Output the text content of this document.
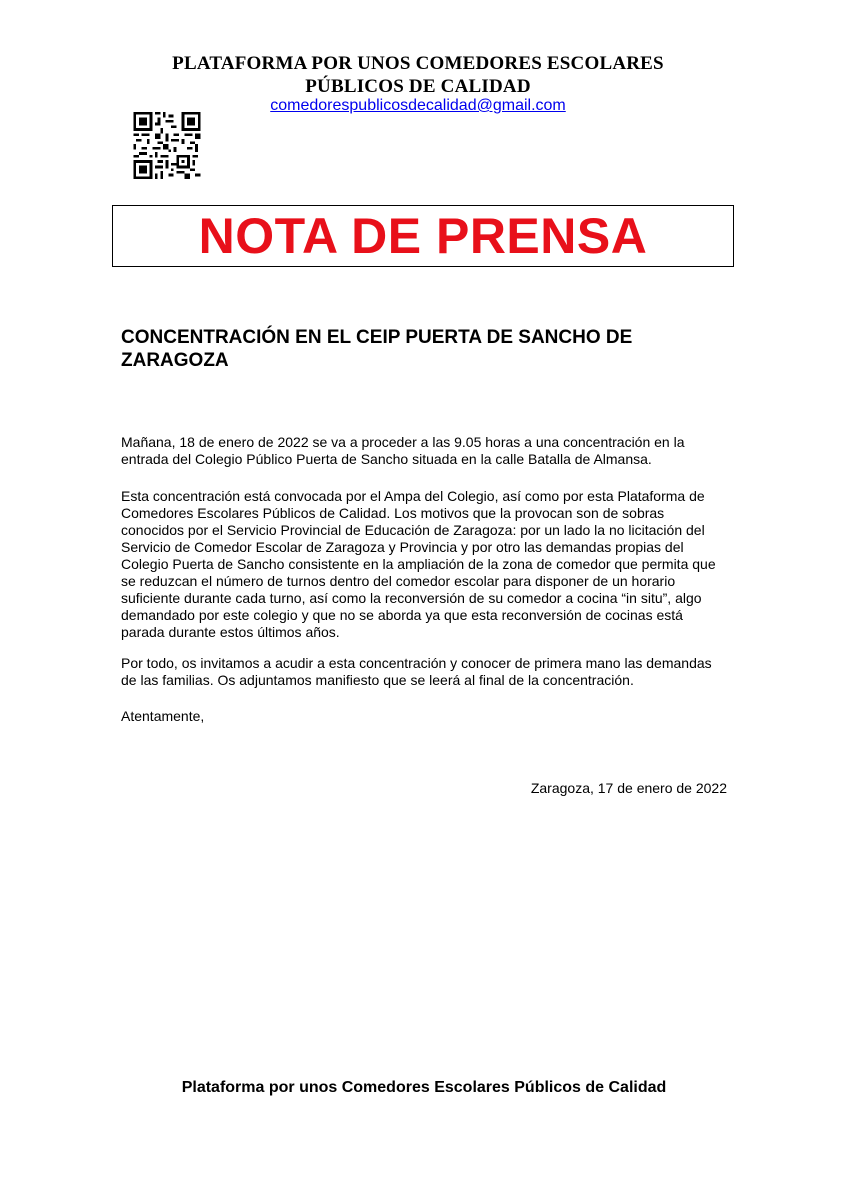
PLATAFORMA POR UNOS COMEDORES ESCOLARES
PÚBLICOS DE CALIDAD
comedorespublicosdecalidad@gmail.com
NOTA DE PRENSA
CONCENTRACIÓN EN EL CEIP PUERTA DE SANCHO DE
ZARAGOZA
Mañana, 18 de enero de 2022 se va a proceder a las 9.05 horas a una concentración en la
entrada del Colegio Público Puerta de Sancho situada en la calle Batalla de Almansa.
Esta concentración está convocada por el Ampa del Colegio, así como por esta Plataforma de
Comedores Escolares Públicos de Calidad. Los motivos que la provocan son de sobras
conocidos por el Servicio Provincial de Educación de Zaragoza: por un lado la no licitación del
Servicio de Comedor Escolar de Zaragoza y Provincia y por otro las demandas propias del
Colegio Puerta de Sancho consistente en la ampliación de la zona de comedor que permita que
se reduzcan el número de turnos dentro del comedor escolar para disponer de un horario
suficiente durante cada turno, así como la reconversión de su comedor a cocina “in situ”, algo
demandado por este colegio y que no se aborda ya que esta reconversión de cocinas está
parada durante estos últimos años.
Por todo, os invitamos a acudir a esta concentración y conocer de primera mano las demandas
de las familias. Os adjuntamos manifiesto que se leerá al final de la concentración.
Atentamente,
Zaragoza, 17 de enero de 2022
Plataforma por unos Comedores Escolares Públicos de Calidad
